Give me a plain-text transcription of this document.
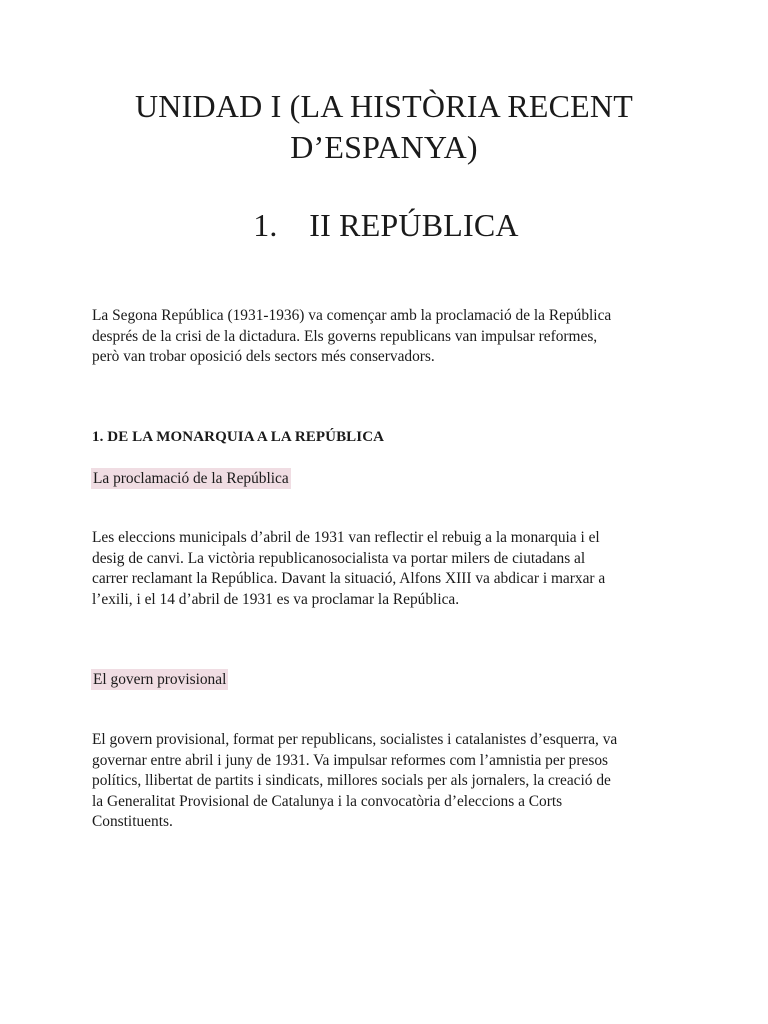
UNIDAD I (LA HISTÒRIA RECENT D’ESPANYA)
1. II REPÚBLICA

La Segona República (1931-1936) va començar amb la proclamació de la República
després de la crisi de la dictadura. Els governs republicans van impulsar reformes,
però van trobar oposició dels sectors més conservadors.

1. DE LA MONARQUIA A LA REPÚBLICA

La proclamació de la República

Les eleccions municipals d’abril de 1931 van reflectir el rebuig a la monarquia i el
desig de canvi. La victòria republicanosocialista va portar milers de ciutadans al
carrer reclamant la República. Davant la situació, Alfons XIII va abdicar i marxar a
l’exili, i el 14 d’abril de 1931 es va proclamar la República.

El govern provisional

El govern provisional, format per republicans, socialistes i catalanistes d’esquerra, va
governar entre abril i juny de 1931. Va impulsar reformes com l’amnistia per presos
polítics, llibertat de partits i sindicats, millores socials per als jornalers, la creació de
la Generalitat Provisional de Catalunya i la convocatòria d’eleccions a Corts
Constituents.
